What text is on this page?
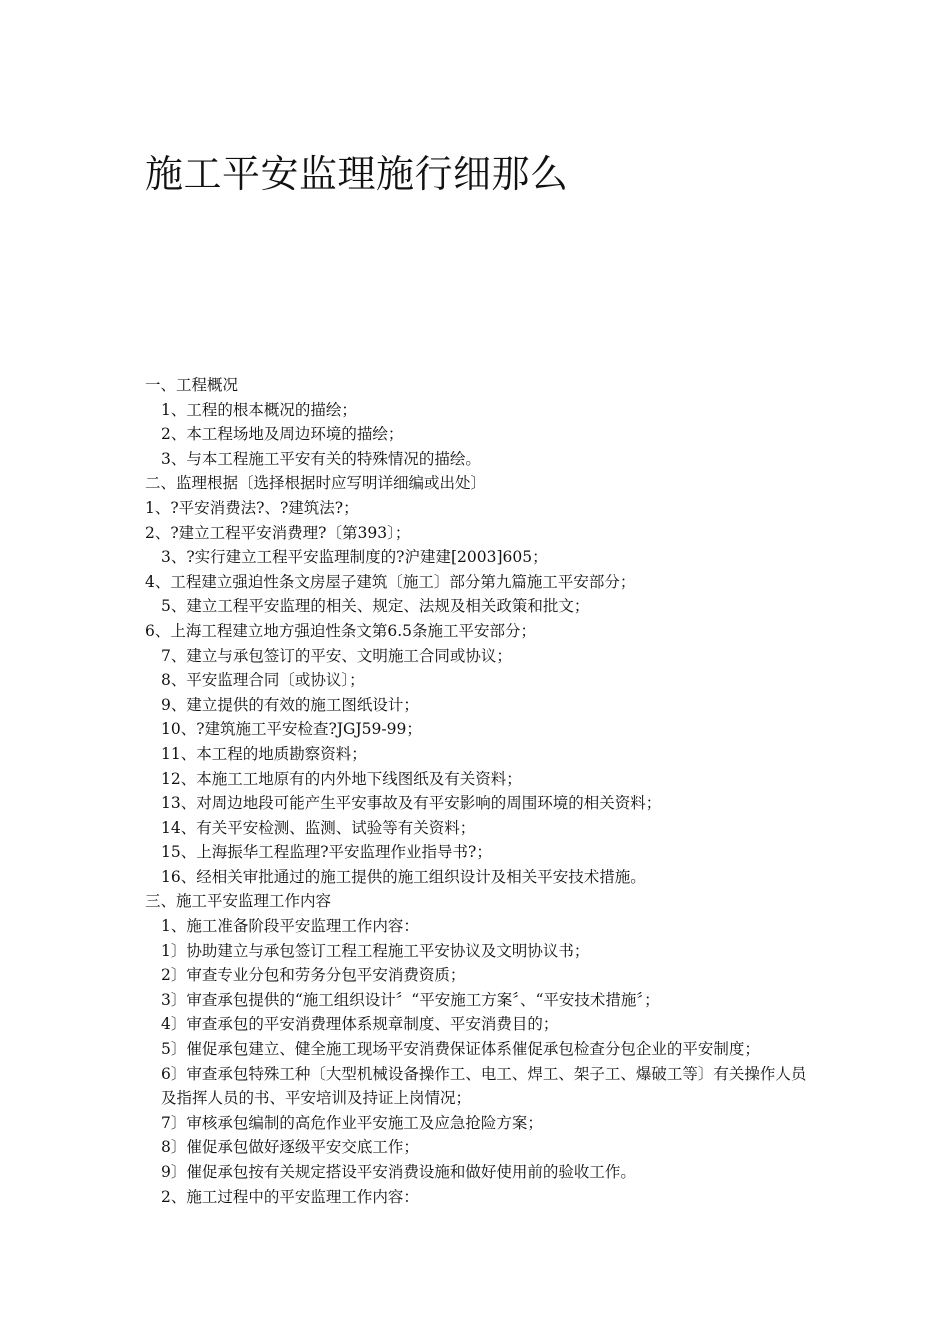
施工平安监理施行细那么
一、工程概况
1、工程的根本概况的描绘；
2、本工程场地及周边环境的描绘；
3、与本工程施工平安有关的特殊情况的描绘。
二、监理根据〔选择根据时应写明详细编或出处〕
1、?平安消费法?、?建筑法?；
2、?建立工程平安消费理?〔第393〕；
3、?实行建立工程平安监理制度的?沪建建[2003]605；
4、工程建立强迫性条文房屋子建筑〔施工〕部分第九篇施工平安部分；
5、建立工程平安监理的相关、规定、法规及相关政策和批文；
6、上海工程建立地方强迫性条文第6.5条施工平安部分；
7、建立与承包签订的平安、文明施工合同或协议；
8、平安监理合同〔或协议〕；
9、建立提供的有效的施工图纸设计；
10、?建筑施工平安检查?JGJ59-99；
11、本工程的地质勘察资料；
12、本施工工地原有的内外地下线图纸及有关资料；
13、对周边地段可能产生平安事故及有平安影响的周围环境的相关资料；
14、有关平安检测、监测、试验等有关资料；
15、上海振华工程监理?平安监理作业指导书?；
16、经相关审批通过的施工提供的施工组织设计及相关平安技术措施。
三、施工平安监理工作内容
1、施工准备阶段平安监理工作内容：
1〕协助建立与承包签订工程工程施工平安协议及文明协议书；
2〕审查专业分包和劳务分包平安消费资质；
3〕审查承包提供的“施工组织设计〞“平安施工方案〞、“平安技术措施〞；
4〕审查承包的平安消费理体系规章制度、平安消费目的；
5〕催促承包建立、健全施工现场平安消费保证体系催促承包检查分包企业的平安制度；
6〕审查承包特殊工种〔大型机械设备操作工、电工、焊工、架子工、爆破工等〕有关操作人员及指挥人员的书、平安培训及持证上岗情况；
7〕审核承包编制的高危作业平安施工及应急抢险方案；
8〕催促承包做好逐级平安交底工作；
9〕催促承包按有关规定搭设平安消费设施和做好使用前的验收工作。
2、施工过程中的平安监理工作内容：
